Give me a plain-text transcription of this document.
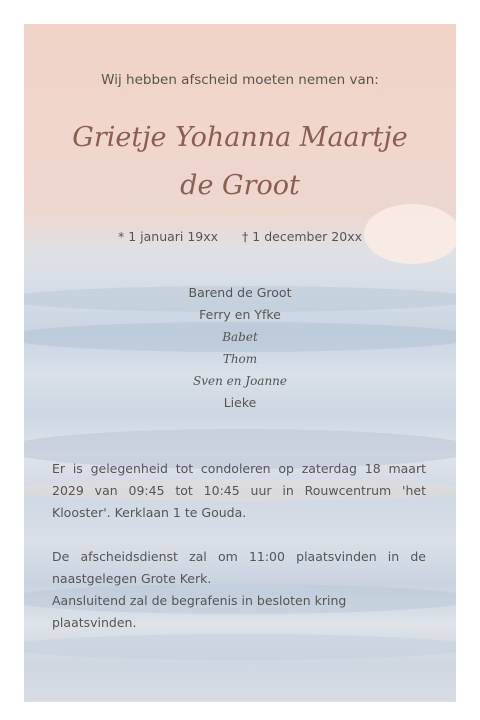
Wij hebben afscheid moeten nemen van:
Grietje Yohanna Maartje
de Groot
* 1 januari 19xx † 1 december 20xx
Barend de Groot
Ferry en Yfke
Babet
Thom
Sven en Joanne
Lieke
Er is gelegenheid tot condoleren op zaterdag 18 maart 2029 van 09:45 tot 10:45 uur in Rouwcentrum 'het Klooster'. Kerklaan 1 te Gouda.
De afscheidsdienst zal om 11:00 plaatsvinden in de naastgelegen Grote Kerk.
Aansluitend zal de begrafenis in besloten kring plaatsvinden.
